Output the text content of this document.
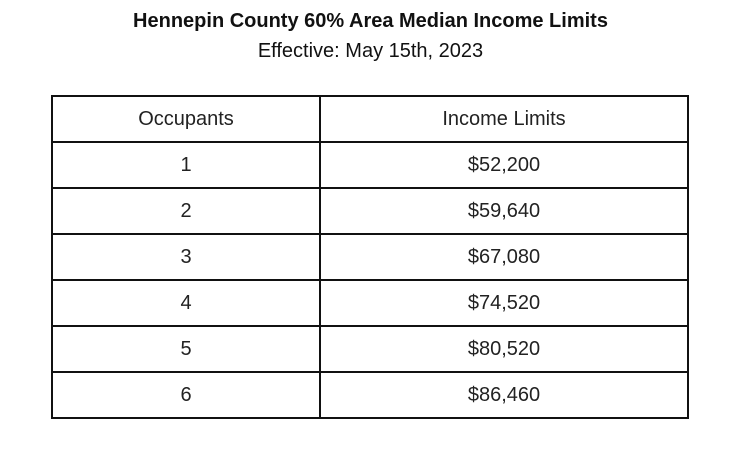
Hennepin County 60% Area Median Income Limits
Effective: May 15th, 2023
Occupants	Income Limits
1	$52,200
2	$59,640
3	$67,080
4	$74,520
5	$80,520
6	$86,460
